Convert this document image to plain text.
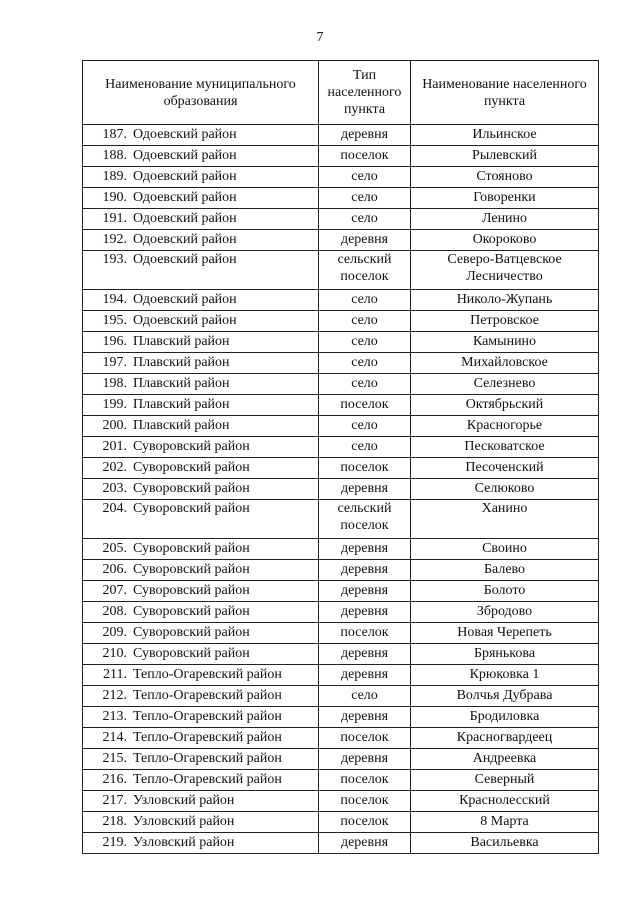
7
Наименование муниципального образования	Тип населенного пункта	Наименование населенного пункта
187. Одоевский район	деревня	Ильинское
188. Одоевский район	поселок	Рылевский
189. Одоевский район	село	Стояново
190. Одоевский район	село	Говоренки
191. Одоевский район	село	Ленино
192. Одоевский район	деревня	Окороково
193. Одоевский район	сельский поселок	Северо-Ватцевское Лесничество
194. Одоевский район	село	Николо-Жупань
195. Одоевский район	село	Петровское
196. Плавский район	село	Камынино
197. Плавский район	село	Михайловское
198. Плавский район	село	Селезнево
199. Плавский район	поселок	Октябрьский
200. Плавский район	село	Красногорье
201. Суворовский район	село	Песковатское
202. Суворовский район	поселок	Песоченский
203. Суворовский район	деревня	Селюково
204. Суворовский район	сельский поселок	Ханино
205. Суворовский район	деревня	Своино
206. Суворовский район	деревня	Балево
207. Суворовский район	деревня	Болото
208. Суворовский район	деревня	Збродово
209. Суворовский район	поселок	Новая Черепеть
210. Суворовский район	деревня	Брянькова
211. Тепло-Огаревский район	деревня	Крюковка 1
212. Тепло-Огаревский район	село	Волчья Дубрава
213. Тепло-Огаревский район	деревня	Бродиловка
214. Тепло-Огаревский район	поселок	Красногвардеец
215. Тепло-Огаревский район	деревня	Андреевка
216. Тепло-Огаревский район	поселок	Северный
217. Узловский район	поселок	Краснолесский
218. Узловский район	поселок	8 Марта
219. Узловский район	деревня	Васильевка
